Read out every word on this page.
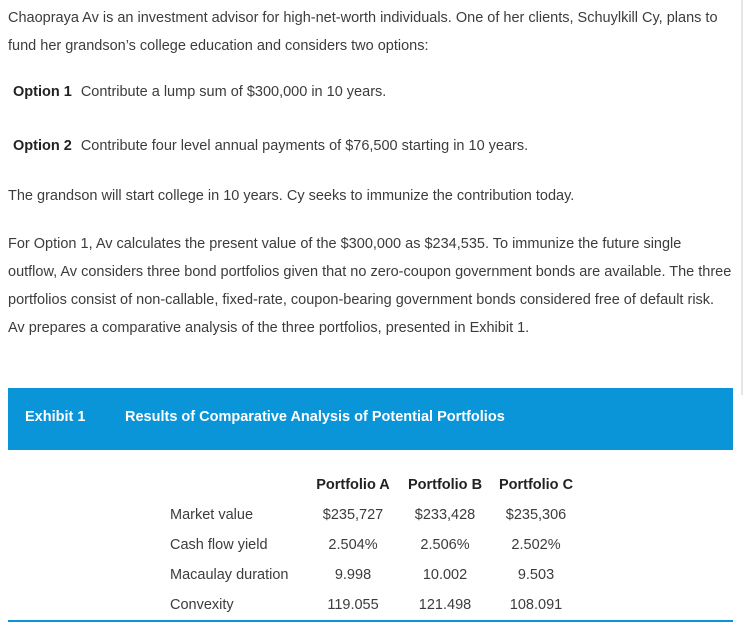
Chaopraya Av is an investment advisor for high-net-worth individuals. One of her clients, Schuylkill Cy, plans to fund her grandson’s college education and considers two options:

Option 1 Contribute a lump sum of $300,000 in 10 years.
Option 2 Contribute four level annual payments of $76,500 starting in 10 years.

The grandson will start college in 10 years. Cy seeks to immunize the contribution today.

For Option 1, Av calculates the present value of the $300,000 as $234,535. To immunize the future single outflow, Av considers three bond portfolios given that no zero-coupon government bonds are available. The three portfolios consist of non-callable, fixed-rate, coupon-bearing government bonds considered free of default risk. Av prepares a comparative analysis of the three portfolios, presented in Exhibit 1.

Exhibit 1	Results of Comparative Analysis of Potential Portfolios
	Portfolio A	Portfolio B	Portfolio C
Market value	$235,727	$233,428	$235,306
Cash flow yield	2.504%	2.506%	2.502%
Macaulay duration	9.998	10.002	9.503
Convexity	119.055	121.498	108.091
